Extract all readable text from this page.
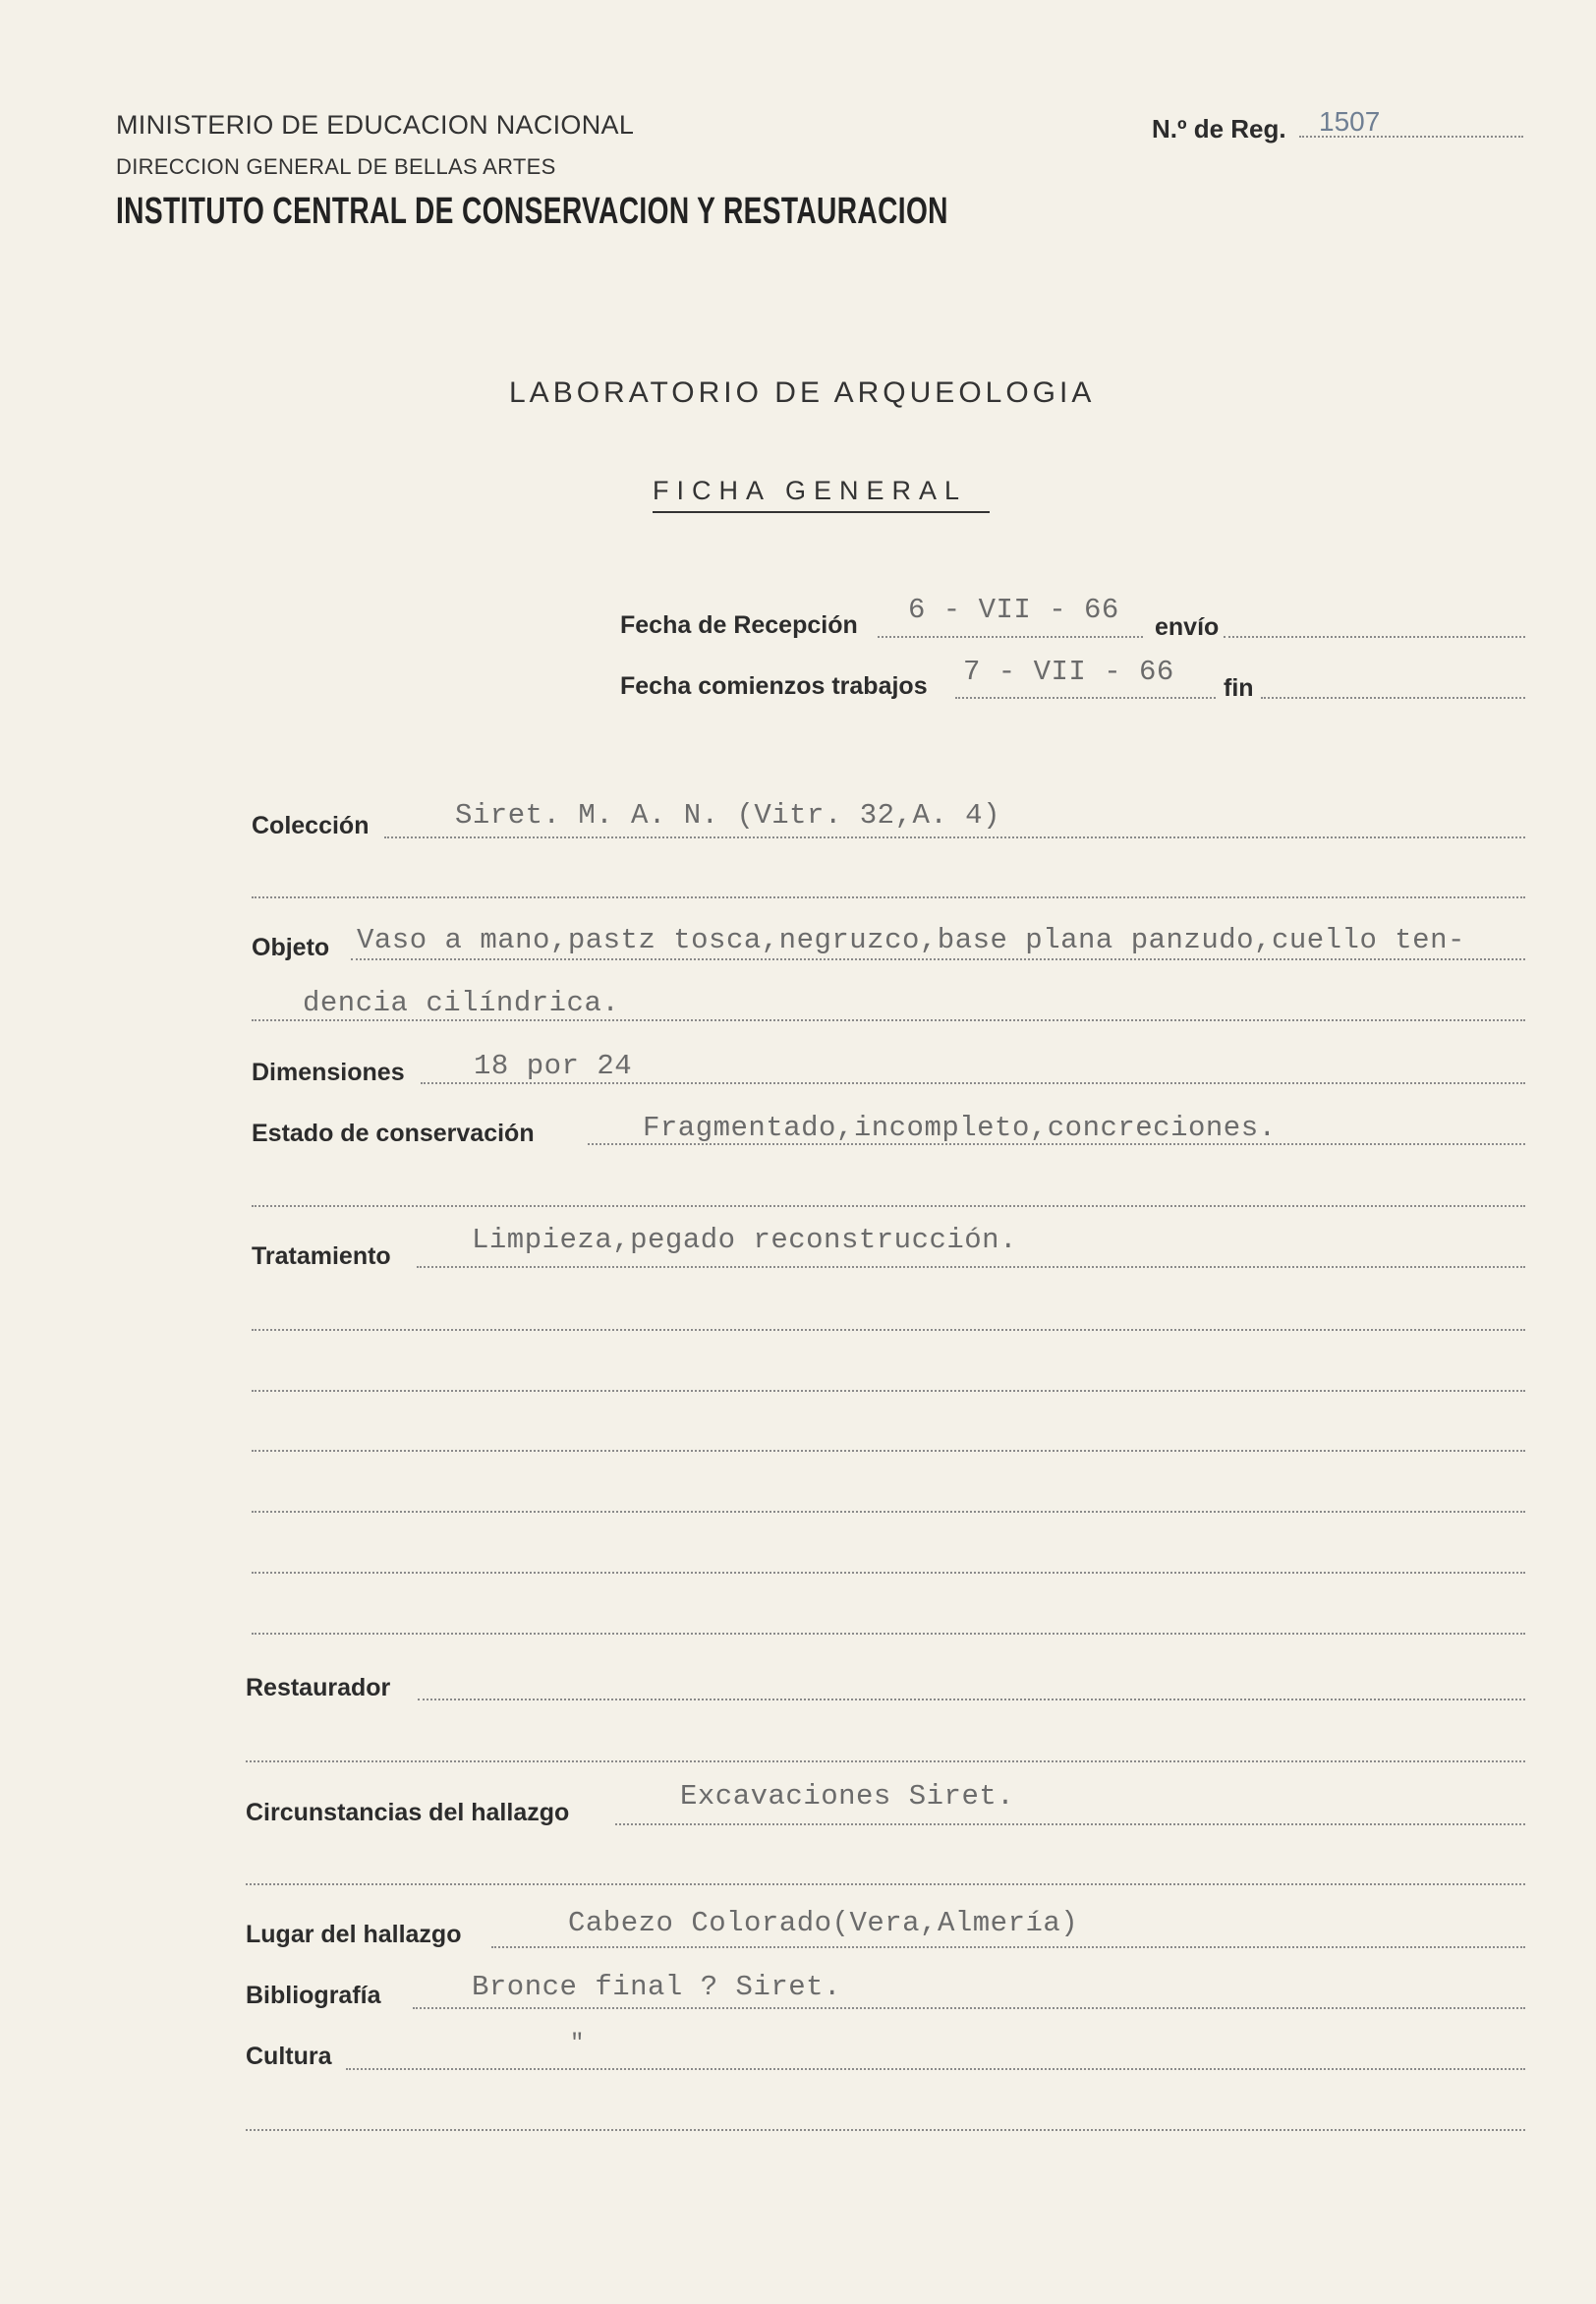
MINISTERIO DE EDUCACION NACIONAL
DIRECCION GENERAL DE BELLAS ARTES
INSTITUTO CENTRAL DE CONSERVACION Y RESTAURACION
N.º de Reg. 1507
LABORATORIO DE ARQUEOLOGIA
FICHA GENERAL
Fecha de Recepción 6 - VII - 66
envío
Fecha comienzos trabajos 7 - VII - 66 fin
Colección	Siret. M. A. N. (Vitr. 32,A. 4)
Objeto Vaso a mano,pastz tosca,negruzco,base plana panzudo,cuello ten-
dencia cilíndrica.
Dimensiones 18 por 24
Estado de conservación	Fragmentado,incompleto,concreciones.
Tratamiento	Limpieza,pegado reconstrucción.
Restaurador
Circunstancias del hallazgo	Excavaciones Siret.
Lugar del hallazgo	Cabezo Colorado(Vera,Almería)
Bibliografía	Bronce final ? Siret.
Cultura	"
